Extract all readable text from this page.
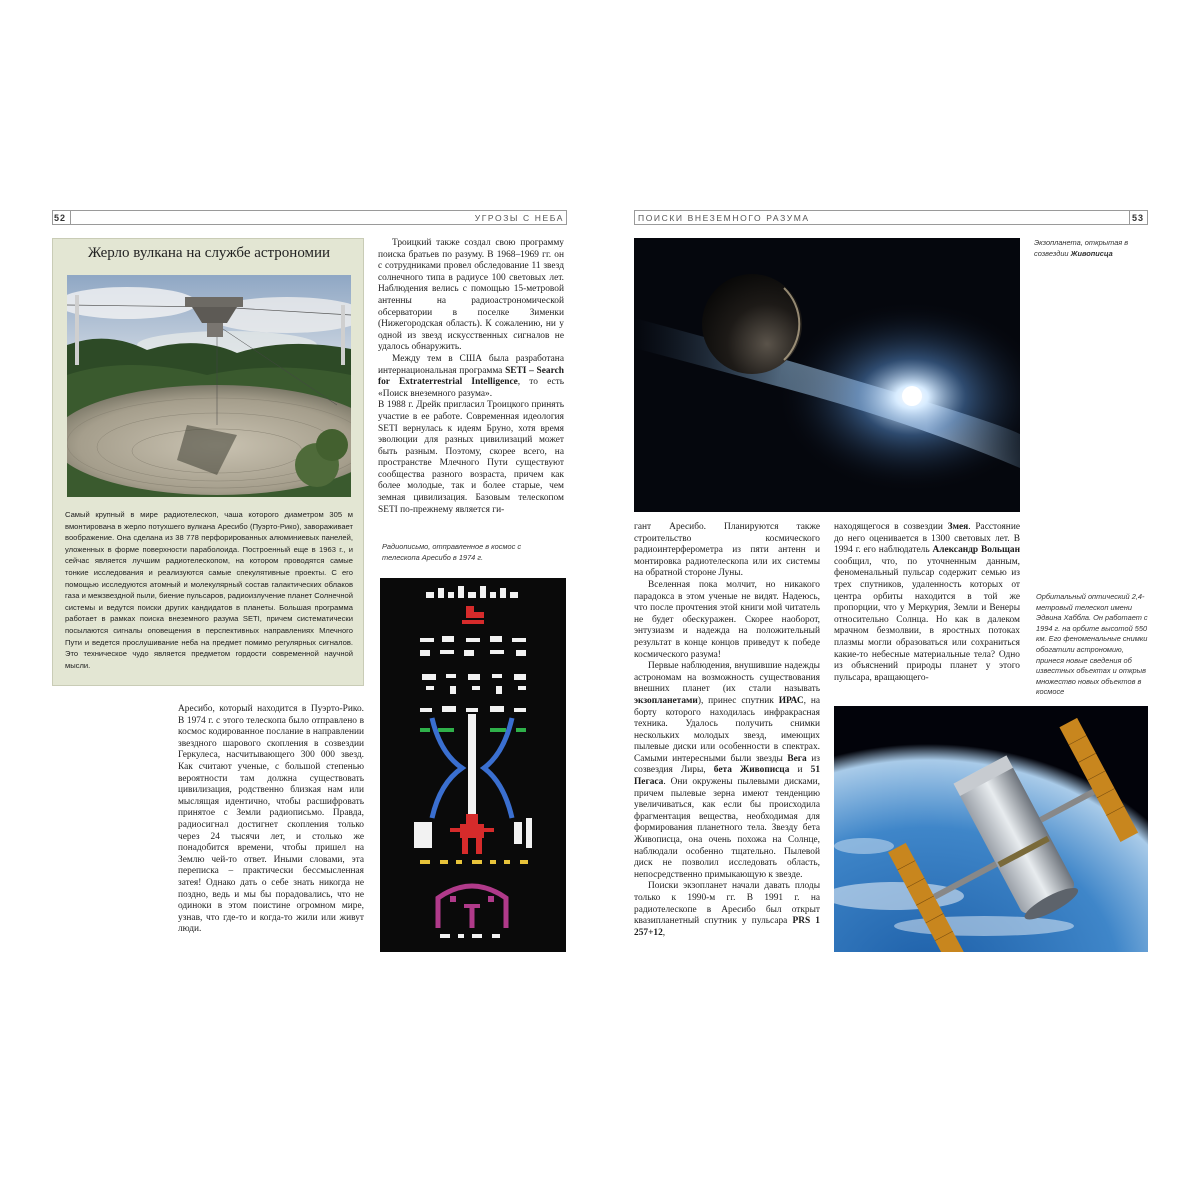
52	УГРОЗЫ С НЕБА
Жерло вулкана на службе астрономии

Самый крупный в мире радиотелескоп, чаша которого диаметром 305 м вмонтирована в жерло потухшего вулкана Аресибо (Пуэрто-Рико), завораживает воображение. Она сделана из 38 778 перфорированных алюминиевых панелей, уложенных в форме поверхности параболоида. Построенный еще в 1963 г., и сейчас является лучшим радиотелескопом, на котором проводятся самые тонкие исследования и реализуются самые спекулятивные проекты. С его помощью исследуются атомный и молекулярный состав галактических облаков газа и межзвездной пыли, биение пульсаров, радиоизлучение планет Солнечной системы и ведутся поиски других кандидатов в планеты. Большая программа работает в рамках поиска внеземного разума SETI, причем систематически посылаются сигналы оповещения в перспективных направлениях Млечного Пути и ведется прослушивание неба на предмет помимо регулярных сигналов. Это техническое чудо является предметом гордости современной научной мысли.

Троицкий также создал свою программу поиска братьев по разуму. В 1968–1969 гг. он с сотрудниками провел обследование 11 звезд солнечного типа в радиусе 100 световых лет. Наблюдения велись с помощью 15-метровой антенны на радиоастрономической обсерватории в поселке Зименки (Нижегородская область). К сожалению, ни у одной из звезд искусственных сигналов не удалось обнаружить.

Между тем в США была разработана интернациональная программа SETI – Search for Extraterrestrial Intelligence, то есть «Поиск внеземного разума».

В 1988 г. Дрейк пригласил Троицкого принять участие в ее работе. Современная идеология SETI вернулась к идеям Бруно, хотя время эволюции для разных цивилизаций может быть разным. Поэтому, скорее всего, на пространстве Млечного Пути существуют сообщества разного возраста, причем как более молодые, так и более старые, чем земная цивилизация. Базовым телескопом SETI по-прежнему является ги-

Радиописьмо, отправленное в космос с телескопа Аресибо в 1974 г.

Аресибо, который находится в Пуэрто-Рико. В 1974 г. с этого телескопа было отправлено в космос кодированное послание в направлении звездного шарового скопления в созвездии Геркулеса, насчитывающего 300 000 звезд. Как считают ученые, с большой степенью вероятности там должна существовать цивилизация, родственно близкая нам или мыслящая идентично, чтобы расшифровать принятое с Земли радиописьмо. Правда, радиосигнал достигнет скопления только через 24 тысячи лет, и столько же понадобится времени, чтобы пришел на Землю чей-то ответ. Иными словами, эта переписка – практически бессмысленная затея! Однако дать о себе знать никогда не поздно, ведь и мы бы порадовались, что не одиноки в этом поистине огромном мире, узнав, что где-то и когда-то жили или живут люди.

ПОИСКИ ВНЕЗЕМНОГО РАЗУМА	53
Экзопланета, открытая в созвездии Живописца

гант Аресибо. Планируются также строительство космического радиоинтерферометра из пяти антенн и монтировка радиотелескопа или их системы на обратной стороне Луны.

Вселенная пока молчит, но никакого парадокса в этом ученые не видят. Надеюсь, что после прочтения этой книги мой читатель не будет обескуражен. Скорее наоборот, энтузиазм и надежда на положительный результат в конце концов приведут к победе космического разума!

Первые наблюдения, внушившие надежды астрономам на возможность существования внешних планет (их стали называть экзопланетами), принес спутник ИРАС, на борту которого находилась инфракрасная техника. Удалось получить снимки нескольких молодых звезд, имеющих пылевые диски или особенности в спектрах. Самыми интересными были звезды Вега из созвездия Лиры, бета Живописца и 51 Пегаса. Они окружены пылевыми дисками, причем пылевые зерна имеют тенденцию увеличиваться, как если бы происходила фрагментация вещества, необходимая для формирования планетного тела. Звезду бета Живописца, она очень похожа на Солнце, наблюдали особенно тщательно. Пылевой диск не позволил исследовать область, непосредственно примыкающую к звезде.

Поиски экзопланет начали давать плоды только к 1990-м гг. В 1991 г. на радиотелескопе в Аресибо был открыт квазипланетный спутник у пульсара PRS 1 257+12,

находящегося в созвездии Змея. Расстояние до него оценивается в 1300 световых лет. В 1994 г. его наблюдатель Александр Вольщан сообщил, что, по уточненным данным, феноменальный пульсар содержит семью из трех спутников, удаленность которых от центра орбиты находится в той же пропорции, что у Меркурия, Земли и Венеры относительно Солнца. Но как в далеком мрачном безмолвии, в яростных потоках плазмы могли образоваться или сохраниться какие-то небесные материальные тела? Одно из объяснений природы планет у этого пульсара, вращающего-

Орбитальный оптический 2,4-метровый телескоп имени Эдвина Хаббла. Он работает с 1994 г. на орбите высотой 550 км. Его феноменальные снимки обогатили астрономию, принеся новые сведения об известных объектах и открыв множество новых объектов в космосе
